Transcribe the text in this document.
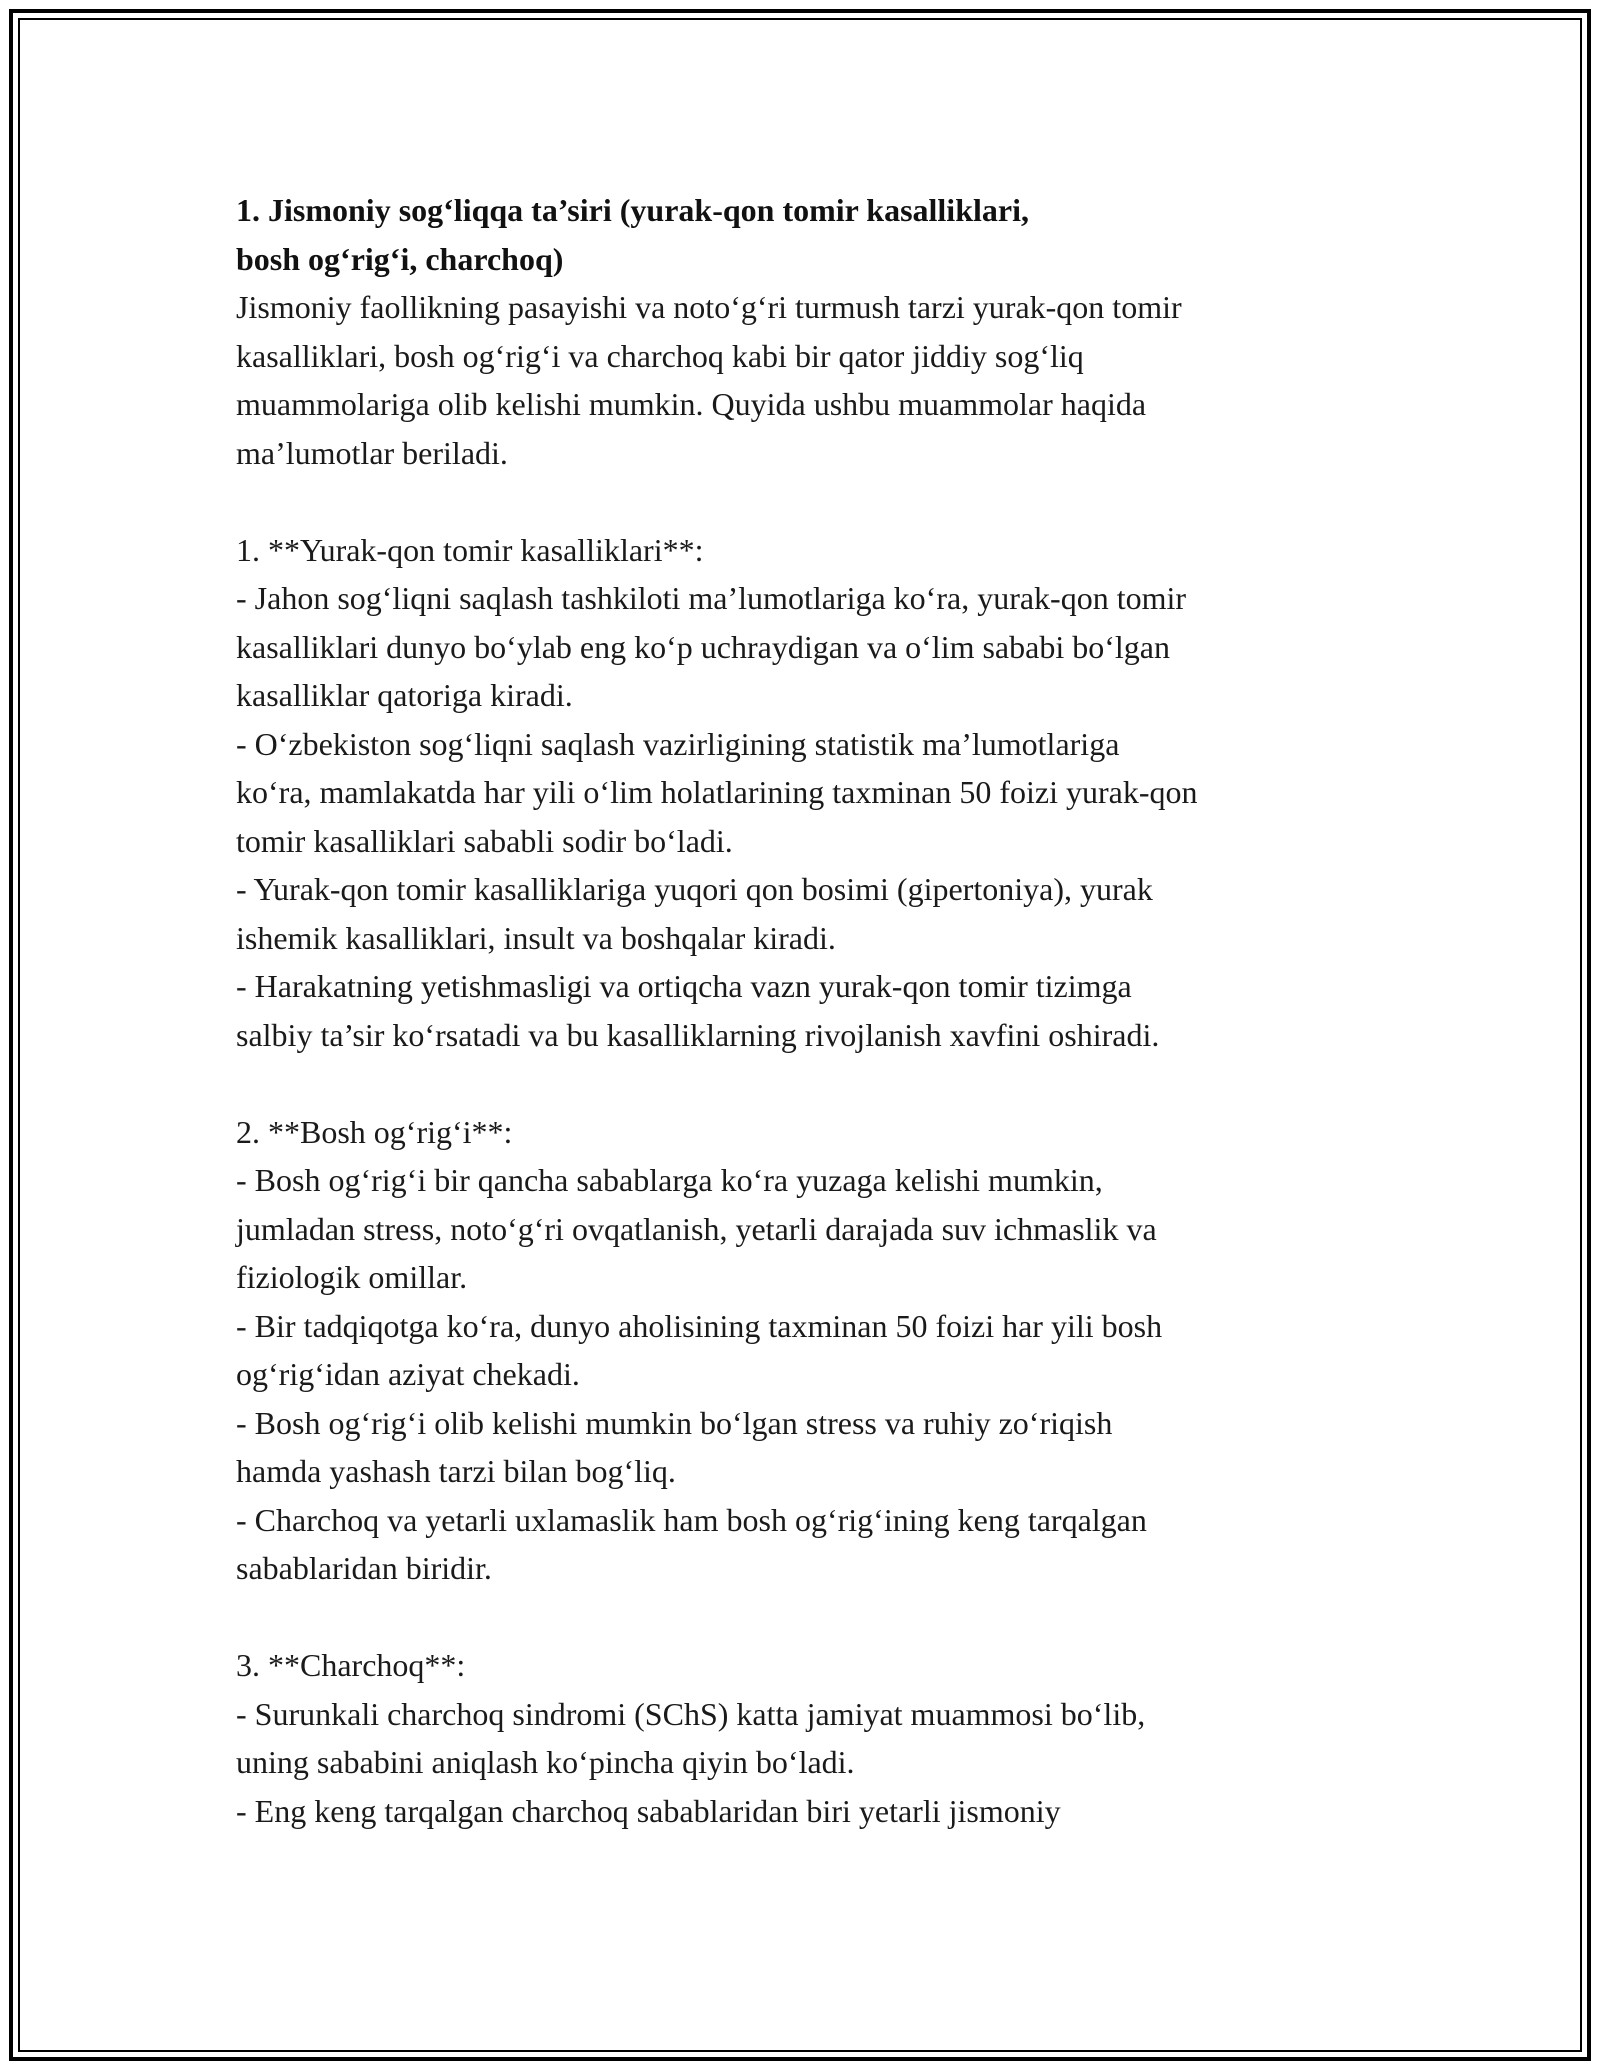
1. Jismoniy sog‘liqqa ta’siri (yurak-qon tomir kasalliklari,
bosh og‘rig‘i, charchoq)

Jismoniy faollikning pasayishi va noto‘g‘ri turmush tarzi yurak-qon tomir
kasalliklari, bosh og‘rig‘i va charchoq kabi bir qator jiddiy sog‘liq
muammolariga olib kelishi mumkin. Quyida ushbu muammolar haqida
ma’lumotlar beriladi.

1. **Yurak-qon tomir kasalliklari**:
- Jahon sog‘liqni saqlash tashkiloti ma’lumotlariga ko‘ra, yurak-qon tomir
kasalliklari dunyo bo‘ylab eng ko‘p uchraydigan va o‘lim sababi bo‘lgan
kasalliklar qatoriga kiradi.
- O‘zbekiston sog‘liqni saqlash vazirligining statistik ma’lumotlariga
ko‘ra, mamlakatda har yili o‘lim holatlarining taxminan 50 foizi yurak-qon
tomir kasalliklari sababli sodir bo‘ladi.
- Yurak-qon tomir kasalliklariga yuqori qon bosimi (gipertoniya), yurak
ishemik kasalliklari, insult va boshqalar kiradi.
- Harakatning yetishmasligi va ortiqcha vazn yurak-qon tomir tizimga
salbiy ta’sir ko‘rsatadi va bu kasalliklarning rivojlanish xavfini oshiradi.

2. **Bosh og‘rig‘i**:
- Bosh og‘rig‘i bir qancha sabablarga ko‘ra yuzaga kelishi mumkin,
jumladan stress, noto‘g‘ri ovqatlanish, yetarli darajada suv ichmaslik va
fiziologik omillar.
- Bir tadqiqotga ko‘ra, dunyo aholisining taxminan 50 foizi har yili bosh
og‘rig‘idan aziyat chekadi.
- Bosh og‘rig‘i olib kelishi mumkin bo‘lgan stress va ruhiy zo‘riqish
hamda yashash tarzi bilan bog‘liq.
- Charchoq va yetarli uxlamaslik ham bosh og‘rig‘ining keng tarqalgan
sabablaridan biridir.

3. **Charchoq**:
- Surunkali charchoq sindromi (SChS) katta jamiyat muammosi bo‘lib,
uning sababini aniqlash ko‘pincha qiyin bo‘ladi.
- Eng keng tarqalgan charchoq sabablaridan biri yetarli jismoniy
